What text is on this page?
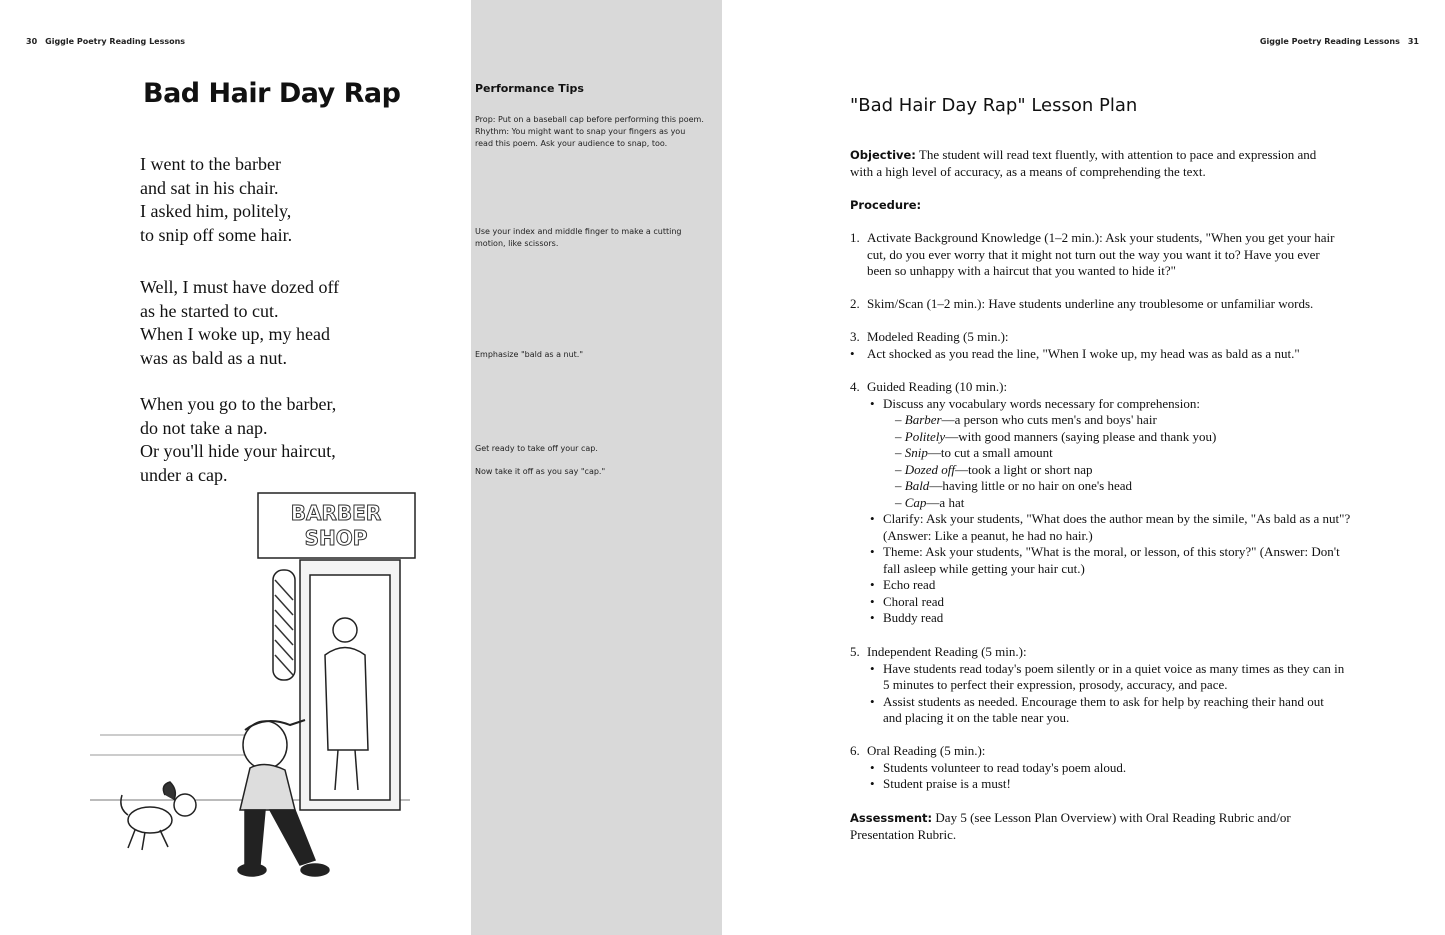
30 Giggle Poetry Reading Lessons
Bad Hair Day Rap
I went to the barber
and sat in his chair.
I asked him, politely,
to snip off some hair.
Well, I must have dozed off
as he started to cut.
When I woke up, my head
was as bald as a nut.
When you go to the barber,
do not take a nap.
Or you'll hide your haircut,
under a cap.
BARBER
SHOP
Performance Tips
Prop: Put on a baseball cap before performing this poem.
Rhythm: You might want to snap your fingers as you
read this poem. Ask your audience to snap, too.
Use your index and middle finger to make a cutting
motion, like scissors.
Emphasize "bald as a nut."
Get ready to take off your cap.
Now take it off as you say "cap."
Giggle Poetry Reading Lessons 31
"Bad Hair Day Rap" Lesson Plan
Objective: The student will read text fluently, with attention to pace and expression and
with a high level of accuracy, as a means of comprehending the text.
Procedure:
1. Activate Background Knowledge (1–2 min.): Ask your students, "When you get your hair
cut, do you ever worry that it might not turn out the way you want it to? Have you ever
been so unhappy with a haircut that you wanted to hide it?"
2. Skim/Scan (1–2 min.): Have students underline any troublesome or unfamiliar words.
3. Modeled Reading (5 min.):
• Act shocked as you read the line, "When I woke up, my head was as bald as a nut."
4. Guided Reading (10 min.):
• Discuss any vocabulary words necessary for comprehension:
– Barber—a person who cuts men's and boys' hair
– Politely—with good manners (saying please and thank you)
– Snip—to cut a small amount
– Dozed off—took a light or short nap
– Bald—having little or no hair on one's head
– Cap—a hat
• Clarify: Ask your students, "What does the author mean by the simile, "As bald as a nut"?
(Answer: Like a peanut, he had no hair.)
• Theme: Ask your students, "What is the moral, or lesson, of this story?" (Answer: Don't
fall asleep while getting your hair cut.)
• Echo read
• Choral read
• Buddy read
5. Independent Reading (5 min.):
• Have students read today's poem silently or in a quiet voice as many times as they can in
5 minutes to perfect their expression, prosody, accuracy, and pace.
• Assist students as needed. Encourage them to ask for help by reaching their hand out
and placing it on the table near you.
6. Oral Reading (5 min.):
• Students volunteer to read today's poem aloud.
• Student praise is a must!
Assessment: Day 5 (see Lesson Plan Overview) with Oral Reading Rubric and/or
Presentation Rubric.
